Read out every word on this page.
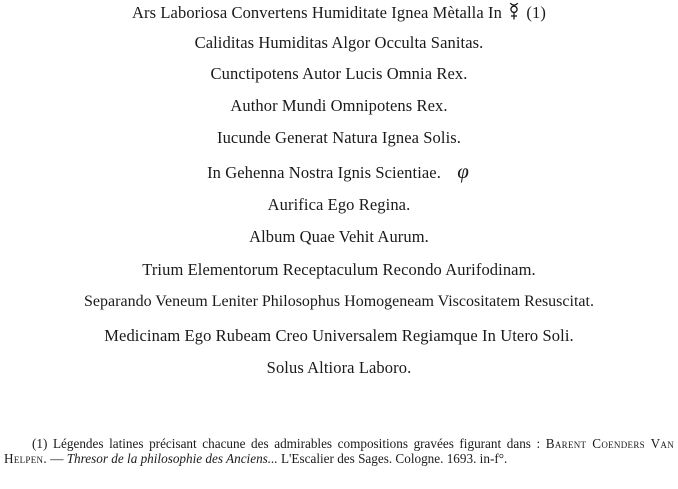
Ars Laboriosa Convertens Humiditate Ignea Mètalla In (1)
Caliditas Humiditas Algor Occulta Sanitas.
Cunctipotens Autor Lucis Omnia Rex.
Author Mundi Omnipotens Rex.
Iucunde Generat Natura Ignea Solis.
In Gehenna Nostra Ignis Scientiae. φ
Aurifica Ego Regina.
Album Quae Vehit Aurum.
Trium Elementorum Receptaculum Recondo Aurifodinam.
Separando Veneum Leniter Philosophus Homogeneam Viscositatem Resuscitat.
Medicinam Ego Rubeam Creo Universalem Regiamque In Utero Soli.
Solus Altiora Laboro.
(1) Légendes latines précisant chacune des admirables compositions gravées figurant dans : Barent Coenders Van Helpen. — Thresor de la philosophie des Anciens... L'Escalier des Sages. Cologne. 1693. in-f°.
